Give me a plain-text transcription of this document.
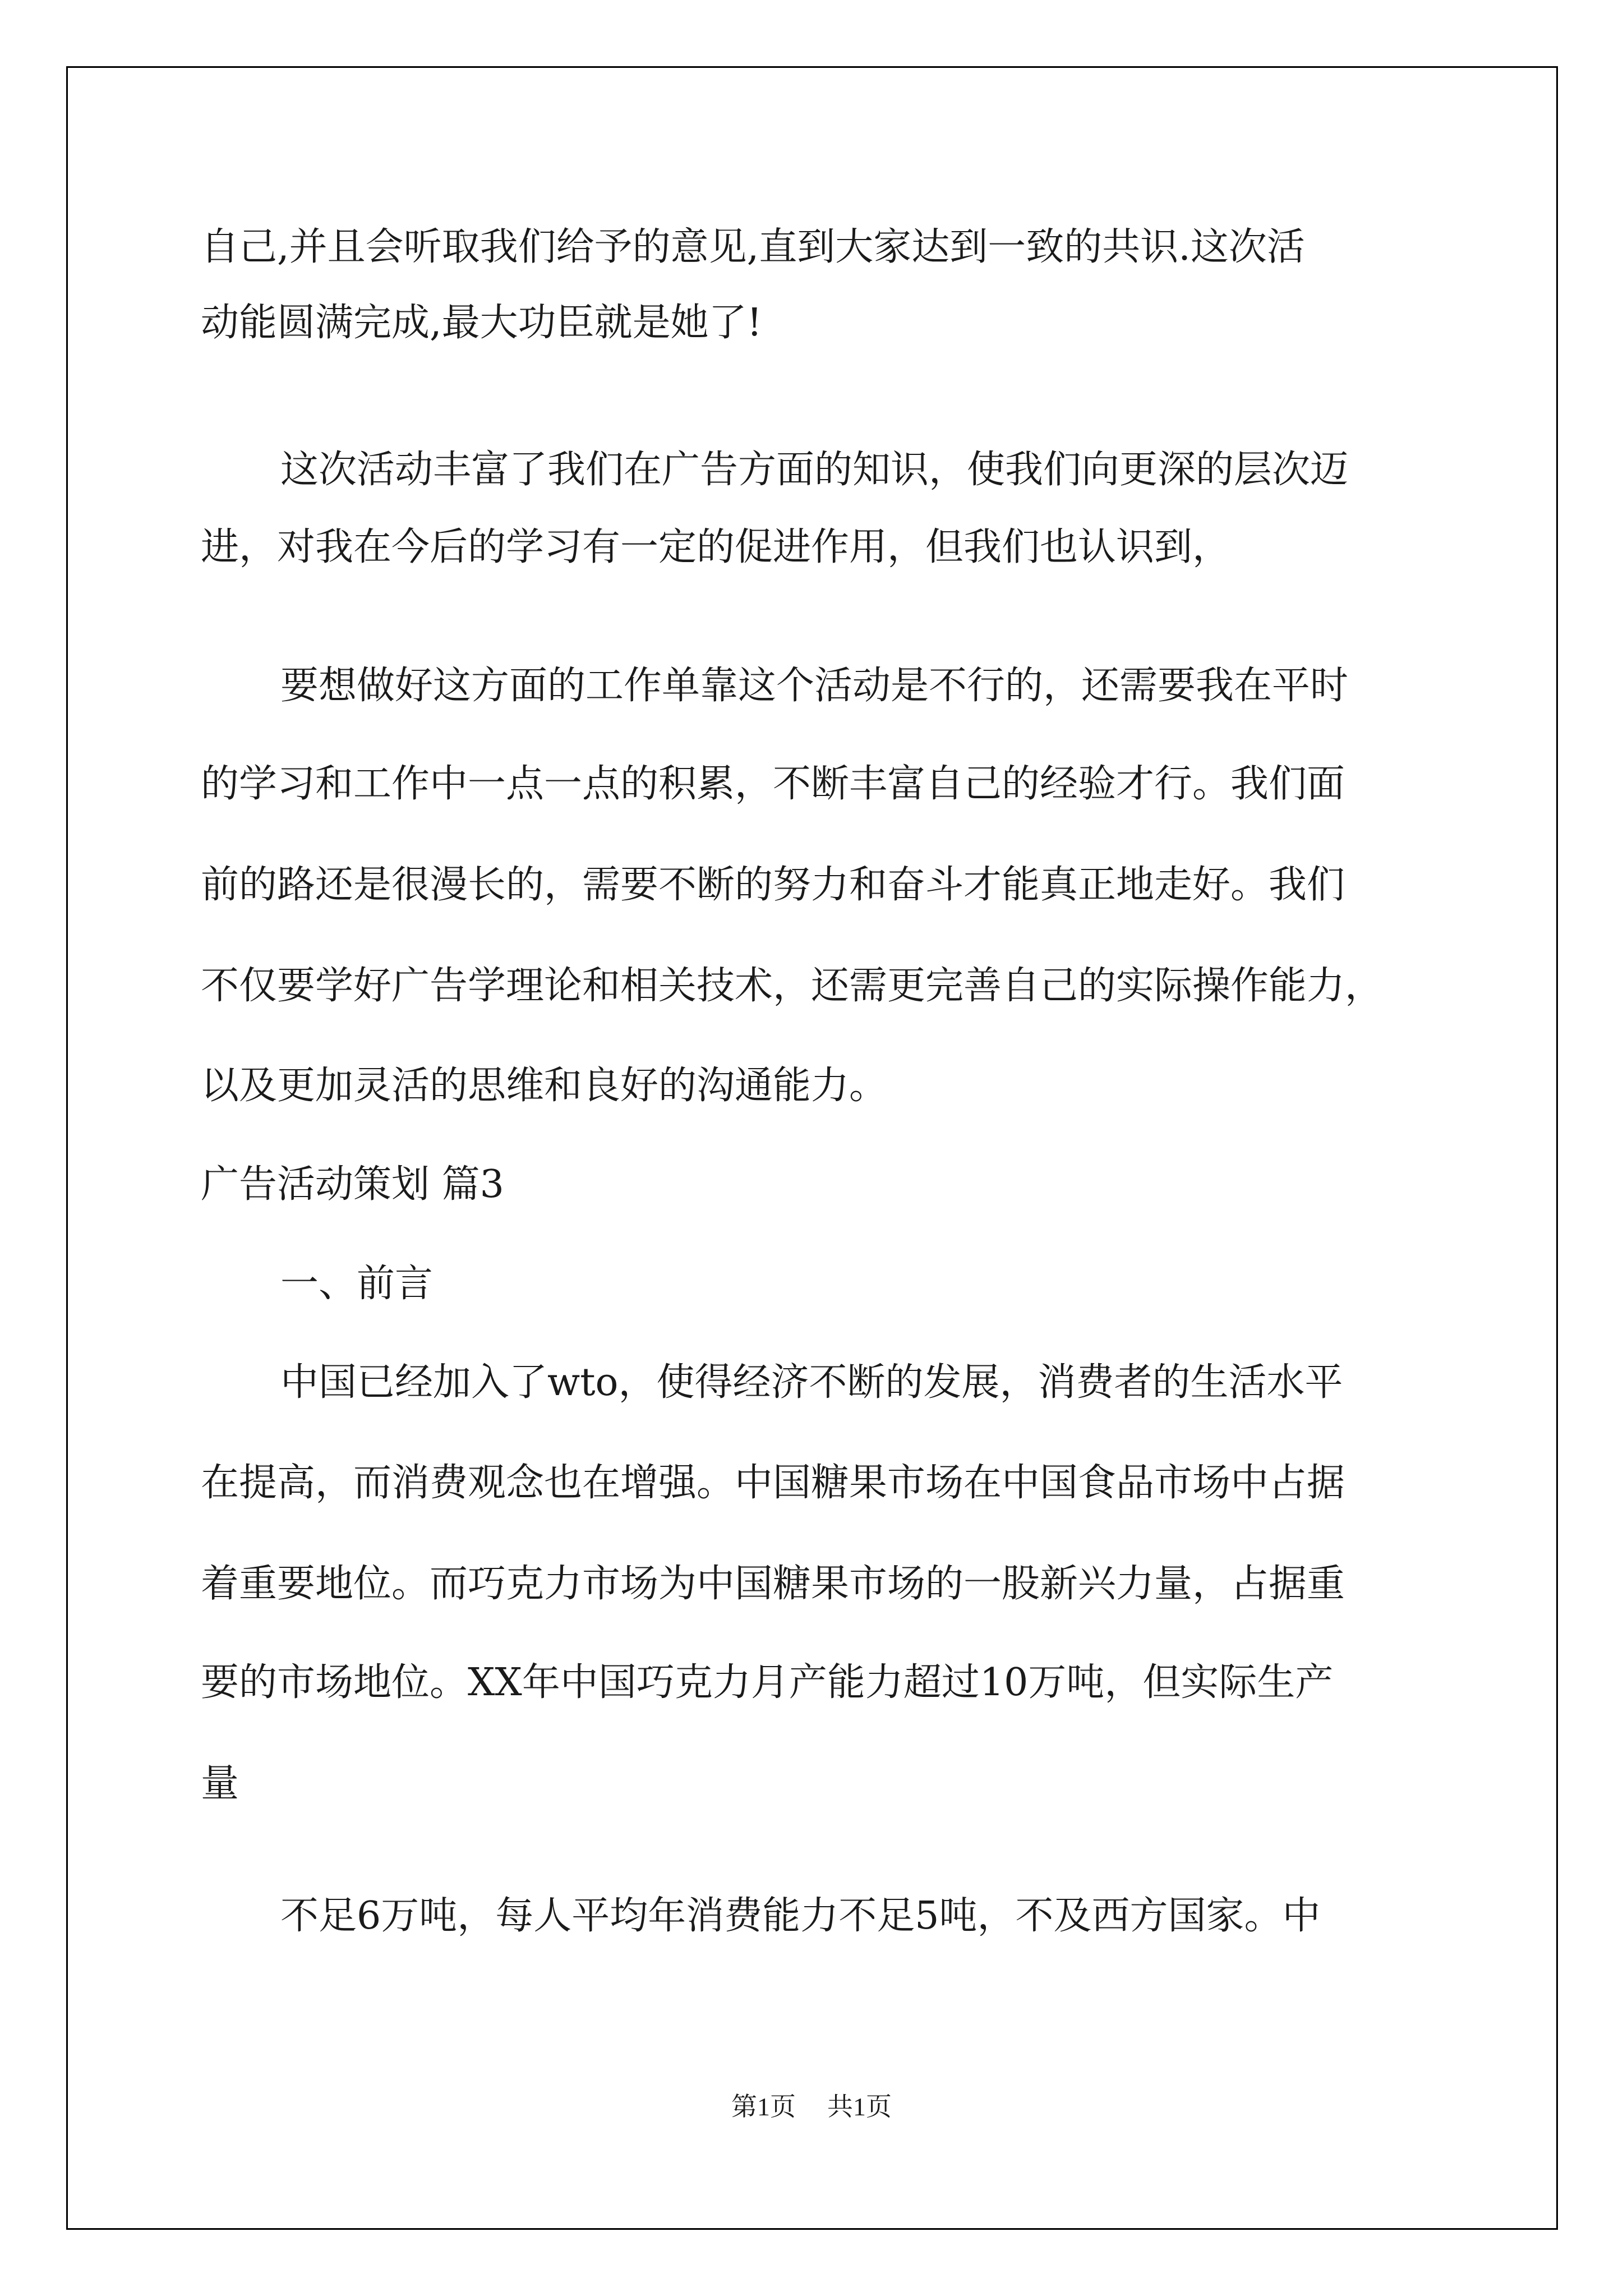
自己,并且会听取我们给予的意见,直到大家达到一致的共识.这次活

动能圆满完成,最大功臣就是她了!

这次活动丰富了我们在广告方面的知识，使我们向更深的层次迈

进，对我在今后的学习有一定的促进作用，但我们也认识到，

要想做好这方面的工作单靠这个活动是不行的，还需要我在平时

的学习和工作中一点一点的积累，不断丰富自己的经验才行。我们面

前的路还是很漫长的，需要不断的努力和奋斗才能真正地走好。我们

不仅要学好广告学理论和相关技术，还需更完善自己的实际操作能力，

以及更加灵活的思维和良好的沟通能力。

广告活动策划 篇3

一、前言

中国已经加入了wto，使得经济不断的发展，消费者的生活水平

在提高，而消费观念也在增强。中国糖果市场在中国食品市场中占据

着重要地位。而巧克力市场为中国糖果市场的一股新兴力量，占据重

要的市场地位。XX年中国巧克力月产能力超过10万吨，但实际生产

量

不足6万吨，每人平均年消费能力不足5吨，不及西方国家。中

第1页 共1页
